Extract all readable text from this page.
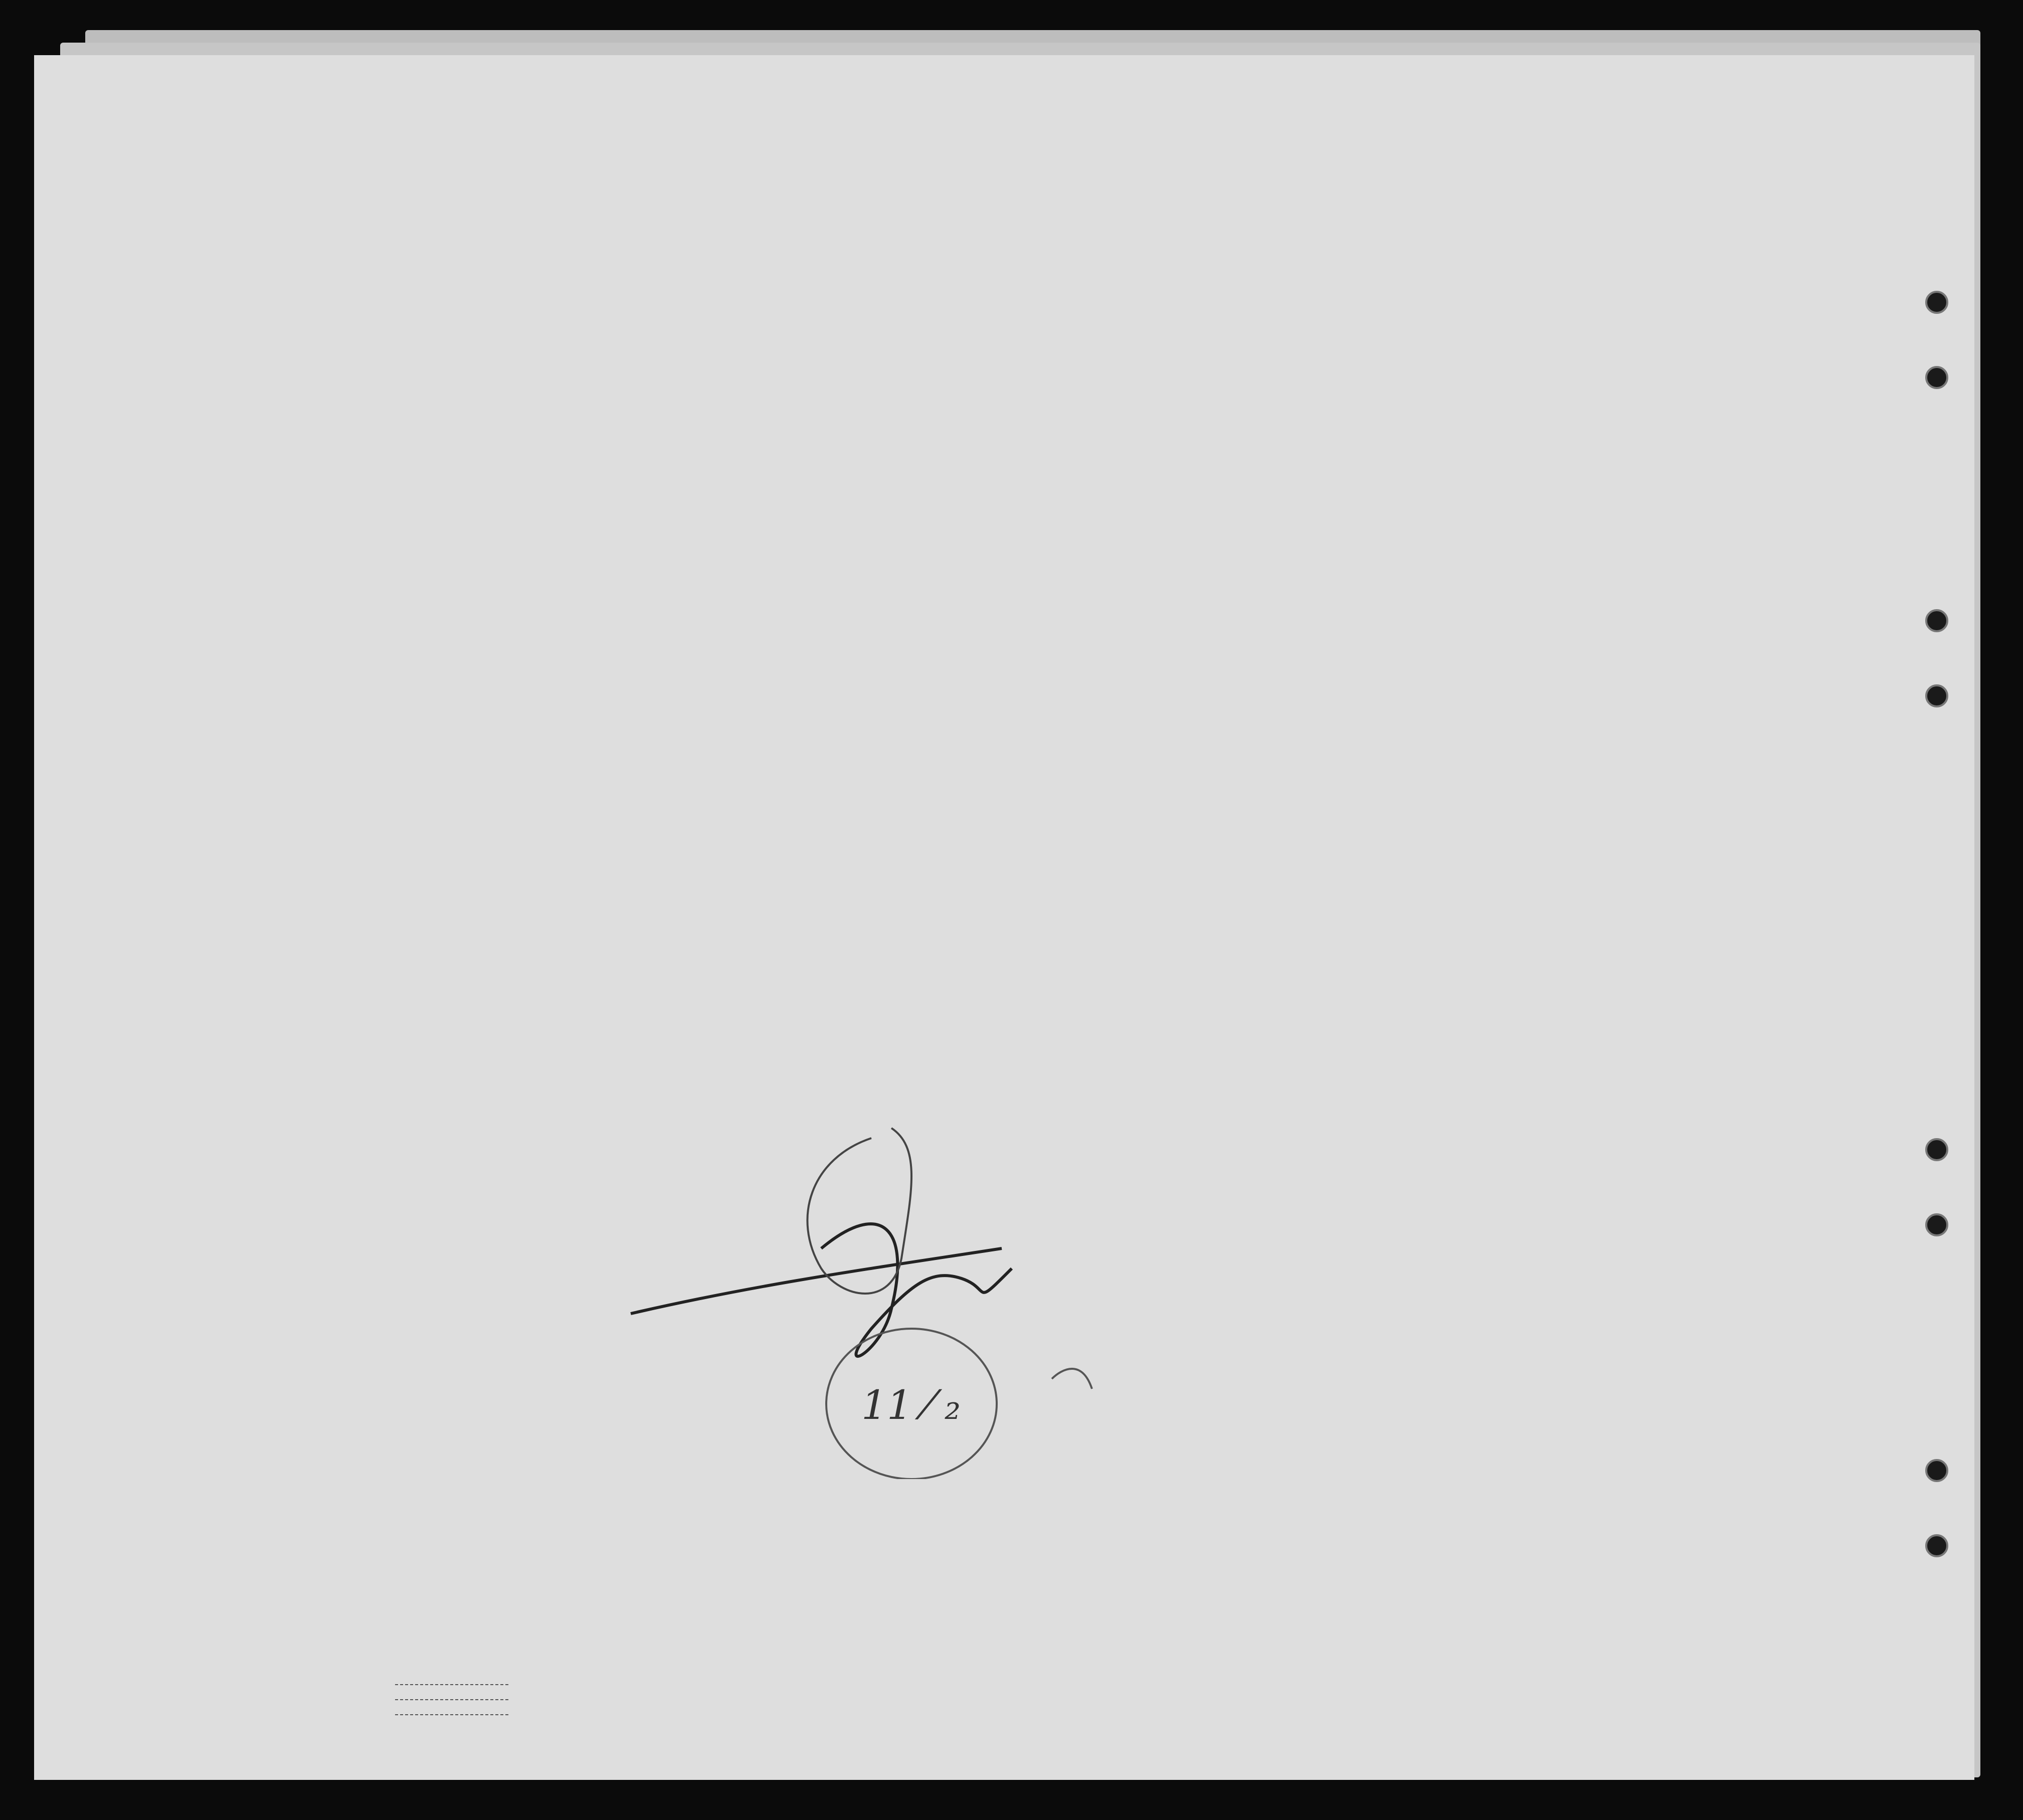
11 ⁄ ₂
